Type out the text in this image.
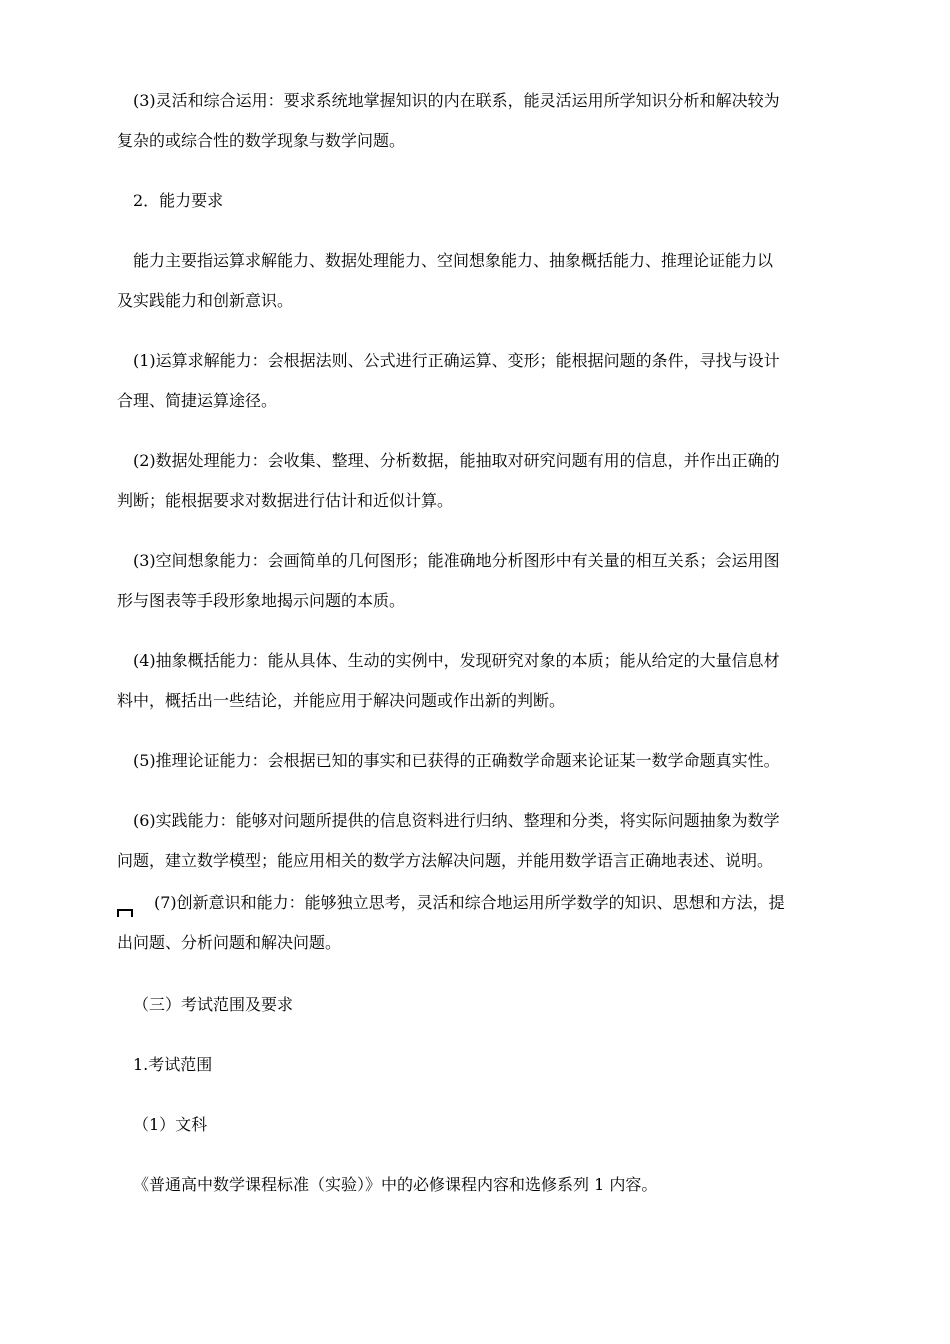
(3)灵活和综合运用：要求系统地掌握知识的内在联系，能灵活运用所学知识分析和解决较为
复杂的或综合性的数学现象与数学问题。
2．能力要求
能力主要指运算求解能力、数据处理能力、空间想象能力、抽象概括能力、推理论证能力以
及实践能力和创新意识。
(1)运算求解能力：会根据法则、公式进行正确运算、变形；能根据问题的条件，寻找与设计
合理、简捷运算途径。
(2)数据处理能力：会收集、整理、分析数据，能抽取对研究问题有用的信息，并作出正确的
判断；能根据要求对数据进行估计和近似计算。
(3)空间想象能力：会画简单的几何图形；能准确地分析图形中有关量的相互关系；会运用图
形与图表等手段形象地揭示问题的本质。
(4)抽象概括能力：能从具体、生动的实例中，发现研究对象的本质；能从给定的大量信息材
料中，概括出一些结论，并能应用于解决问题或作出新的判断。
(5)推理论证能力：会根据已知的事实和已获得的正确数学命题来论证某一数学命题真实性。
(6)实践能力：能够对问题所提供的信息资料进行归纳、整理和分类，将实际问题抽象为数学
问题，建立数学模型；能应用相关的数学方法解决问题，并能用数学语言正确地表述、说明。
(7)创新意识和能力：能够独立思考，灵活和综合地运用所学数学的知识、思想和方法，提
出问题、分析问题和解决问题。
（三）考试范围及要求
1.考试范围
（1）文科
《普通高中数学课程标准（实验）》中的必修课程内容和选修系列 1 内容。
